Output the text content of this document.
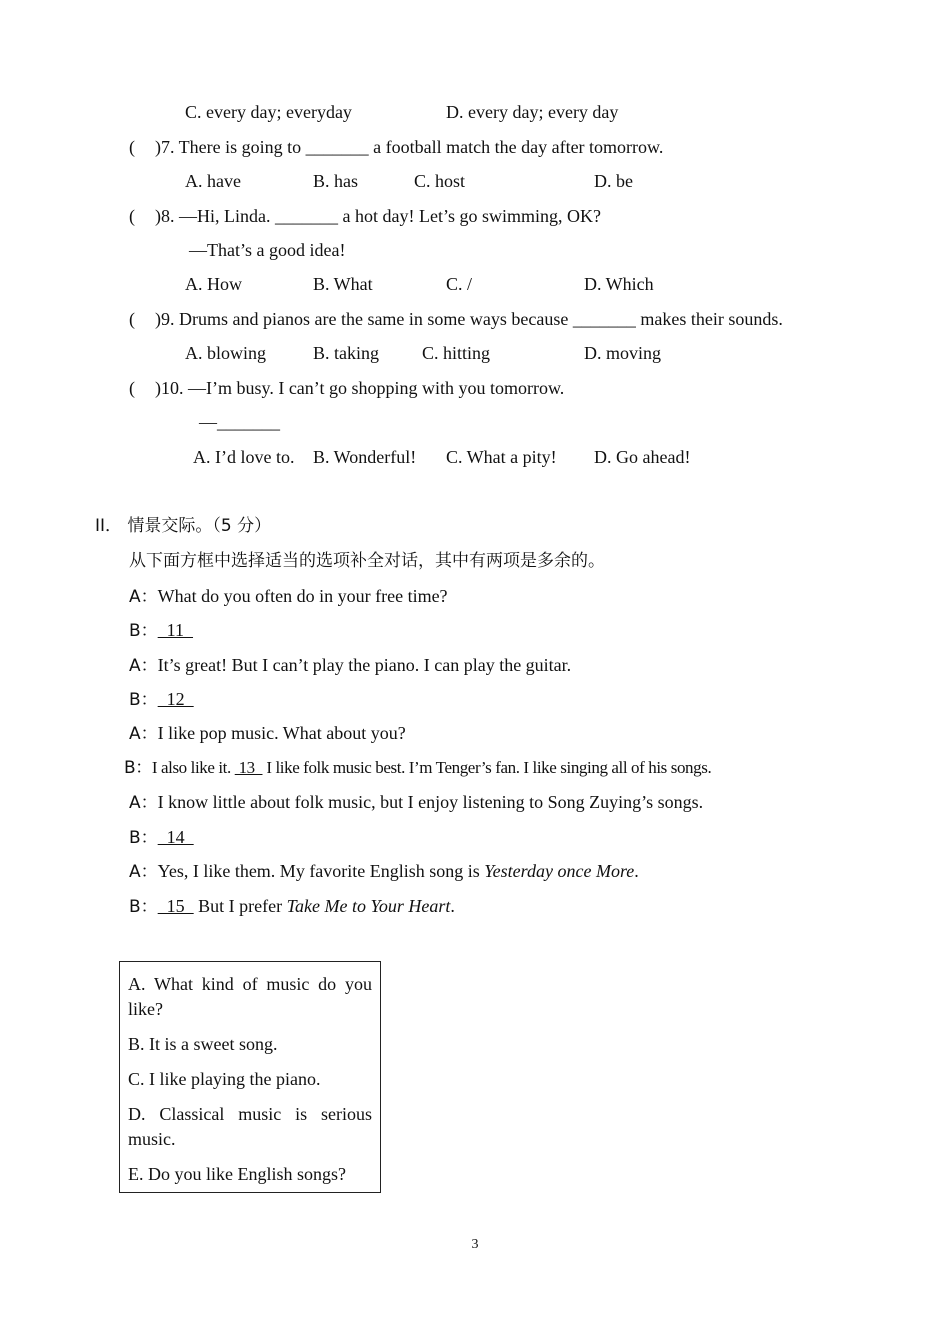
C. every day; everyday	D. every day; every day
( )7. There is going to _______ a football match the day after tomorrow.
A. have	B. has	C. host	D. be
( )8. —Hi, Linda. _______ a hot day! Let’s go swimming, OK?
—That’s a good idea!
A. How	B. What	C. /	D. Which
( )9. Drums and pianos are the same in some ways because _______ makes their sounds.
A. blowing	B. taking C. hitting	D. moving
( )10. —I’m busy. I can’t go shopping with you tomorrow.
—_______
A. I’d love to. B. Wonderful! C. What a pity! D. Go ahead!
II． 情景交际。（5 分）
从下面方框中选择适当的选项补全对话，其中有两项是多余的。
A：What do you often do in your free time?
B：  11
A：It’s great! But I can’t play the piano. I can play the guitar.
B：  12
A：I like pop music. What about you?
B：I also like it.  13   I like folk music best. I’m Tenger’s fan. I like singing all of his songs.
A：I know little about folk music, but I enjoy listening to Song Zuying’s songs.
B：  14
A：Yes, I like them. My favorite English song is Yesterday once More.
B：  15   But I prefer Take Me to Your Heart.

A. What kind of music do you like?

B. It is a sweet song.

C. I like playing the piano.

D. Classical music is serious music.

E. Do you like English songs?

3
